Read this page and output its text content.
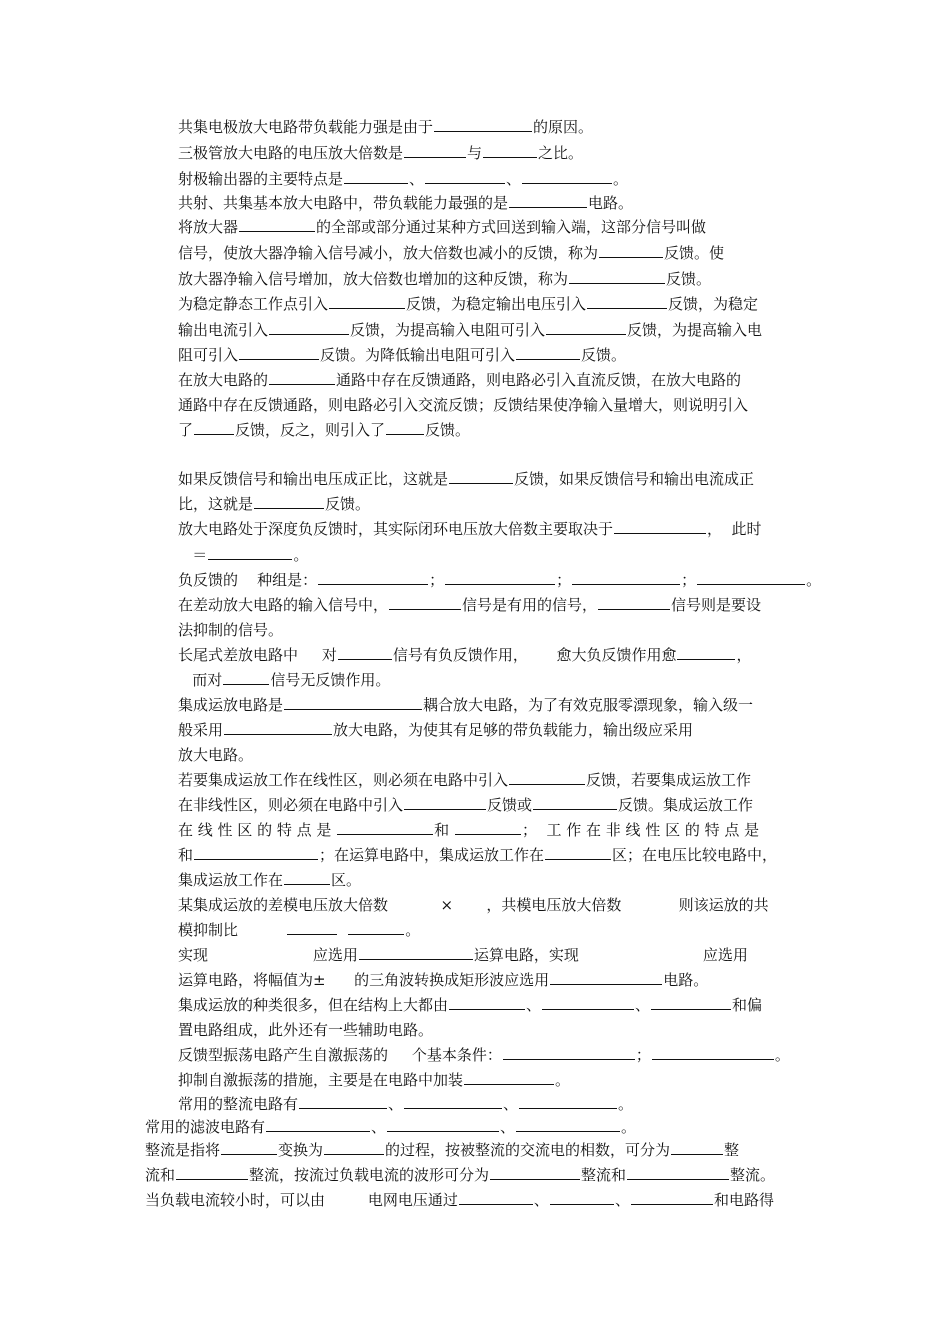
共集电极放大电路带负载能力强是由于	的原因。
三极管放大电路的电压放大倍数是	与	之比。
射极输出器的主要特点是	、	、	。
共射、共集基本放大电路中，带负载能力最强的是	电路。
将放大器	的全部或部分通过某种方式回送到输入端，这部分信号叫做
信号，使放大器净输入信号减小，放大倍数也减小的反馈，称为	反馈。使
放大器净输入信号增加，放大倍数也增加的这种反馈，称为	反馈。
为稳定静态工作点引入	反馈，为稳定输出电压引入	反馈，为稳定
输出电流引入	反馈，为提高输入电阻可引入	反馈，为提高输入电
阻可引入	反馈。为降低输出电阻可引入	反馈。
在放大电路的	通路中存在反馈通路，则电路必引入直流反馈，在放大电路的
通路中存在反馈通路，则电路必引入交流反馈；反馈结果使净输入量增大，则说明引入
了	反馈，反之，则引入了	反馈。
如果反馈信号和输出电压成正比，这就是	反馈，如果反馈信号和输出电流成正
比，这就是	反馈。
放大电路处于深度负反馈时，其实际闭环电压放大倍数主要取决于	，  此时
＝	。
负反馈的    种组是：	；	；	；	。
在差动放大电路的输入信号中，	信号是有用的信号，	信号则是要设
法抑制的信号。
长尾式差放电路中     对	信号有负反馈作用，      愈大负反馈作用愈	，
而对	信号无反馈作用。
集成运放电路是	耦合放大电路，为了有效克服零漂现象，输入级一
般采用	放大电路，为使其有足够的带负载能力，输出级应采用
放大电路。
若要集成运放工作在线性区，则必须在电路中引入	反馈，若要集成运放工作
在非线性区，则必须在电路中引入	反馈或	反馈。集成运放工作
在 线 性 区 的 特 点 是	和	；  工 作 在 非 线 性 区 的 特 点 是
和	；在运算电路中，集成运放工作在	区；在电压比较电路中，
集成运放工作在	区。
某集成运放的差模电压放大倍数           ×       ，共模电压放大倍数            则该运放的共
模抑制比	。
实现                      应选用	运算电路，实现                          应选用
运算电路，将幅值为±      的三角波转换成矩形波应选用	电路。
集成运放的种类很多，但在结构上大都由	、	、	和偏
置电路组成，此外还有一些辅助电路。
反馈型振荡电路产生自激振荡的     个基本条件：	；	。
抑制自激振荡的措施，主要是在电路中加装	。
常用的整流电路有	、	、	。
常用的滤波电路有	、	、	。
整流是指将	变换为	的过程，按被整流的交流电的相数，可分为	整
流和	整流，按流过负载电流的波形可分为	整流和	整流。
当负载电流较小时，可以由         电网电压通过	、	、	和电路得
